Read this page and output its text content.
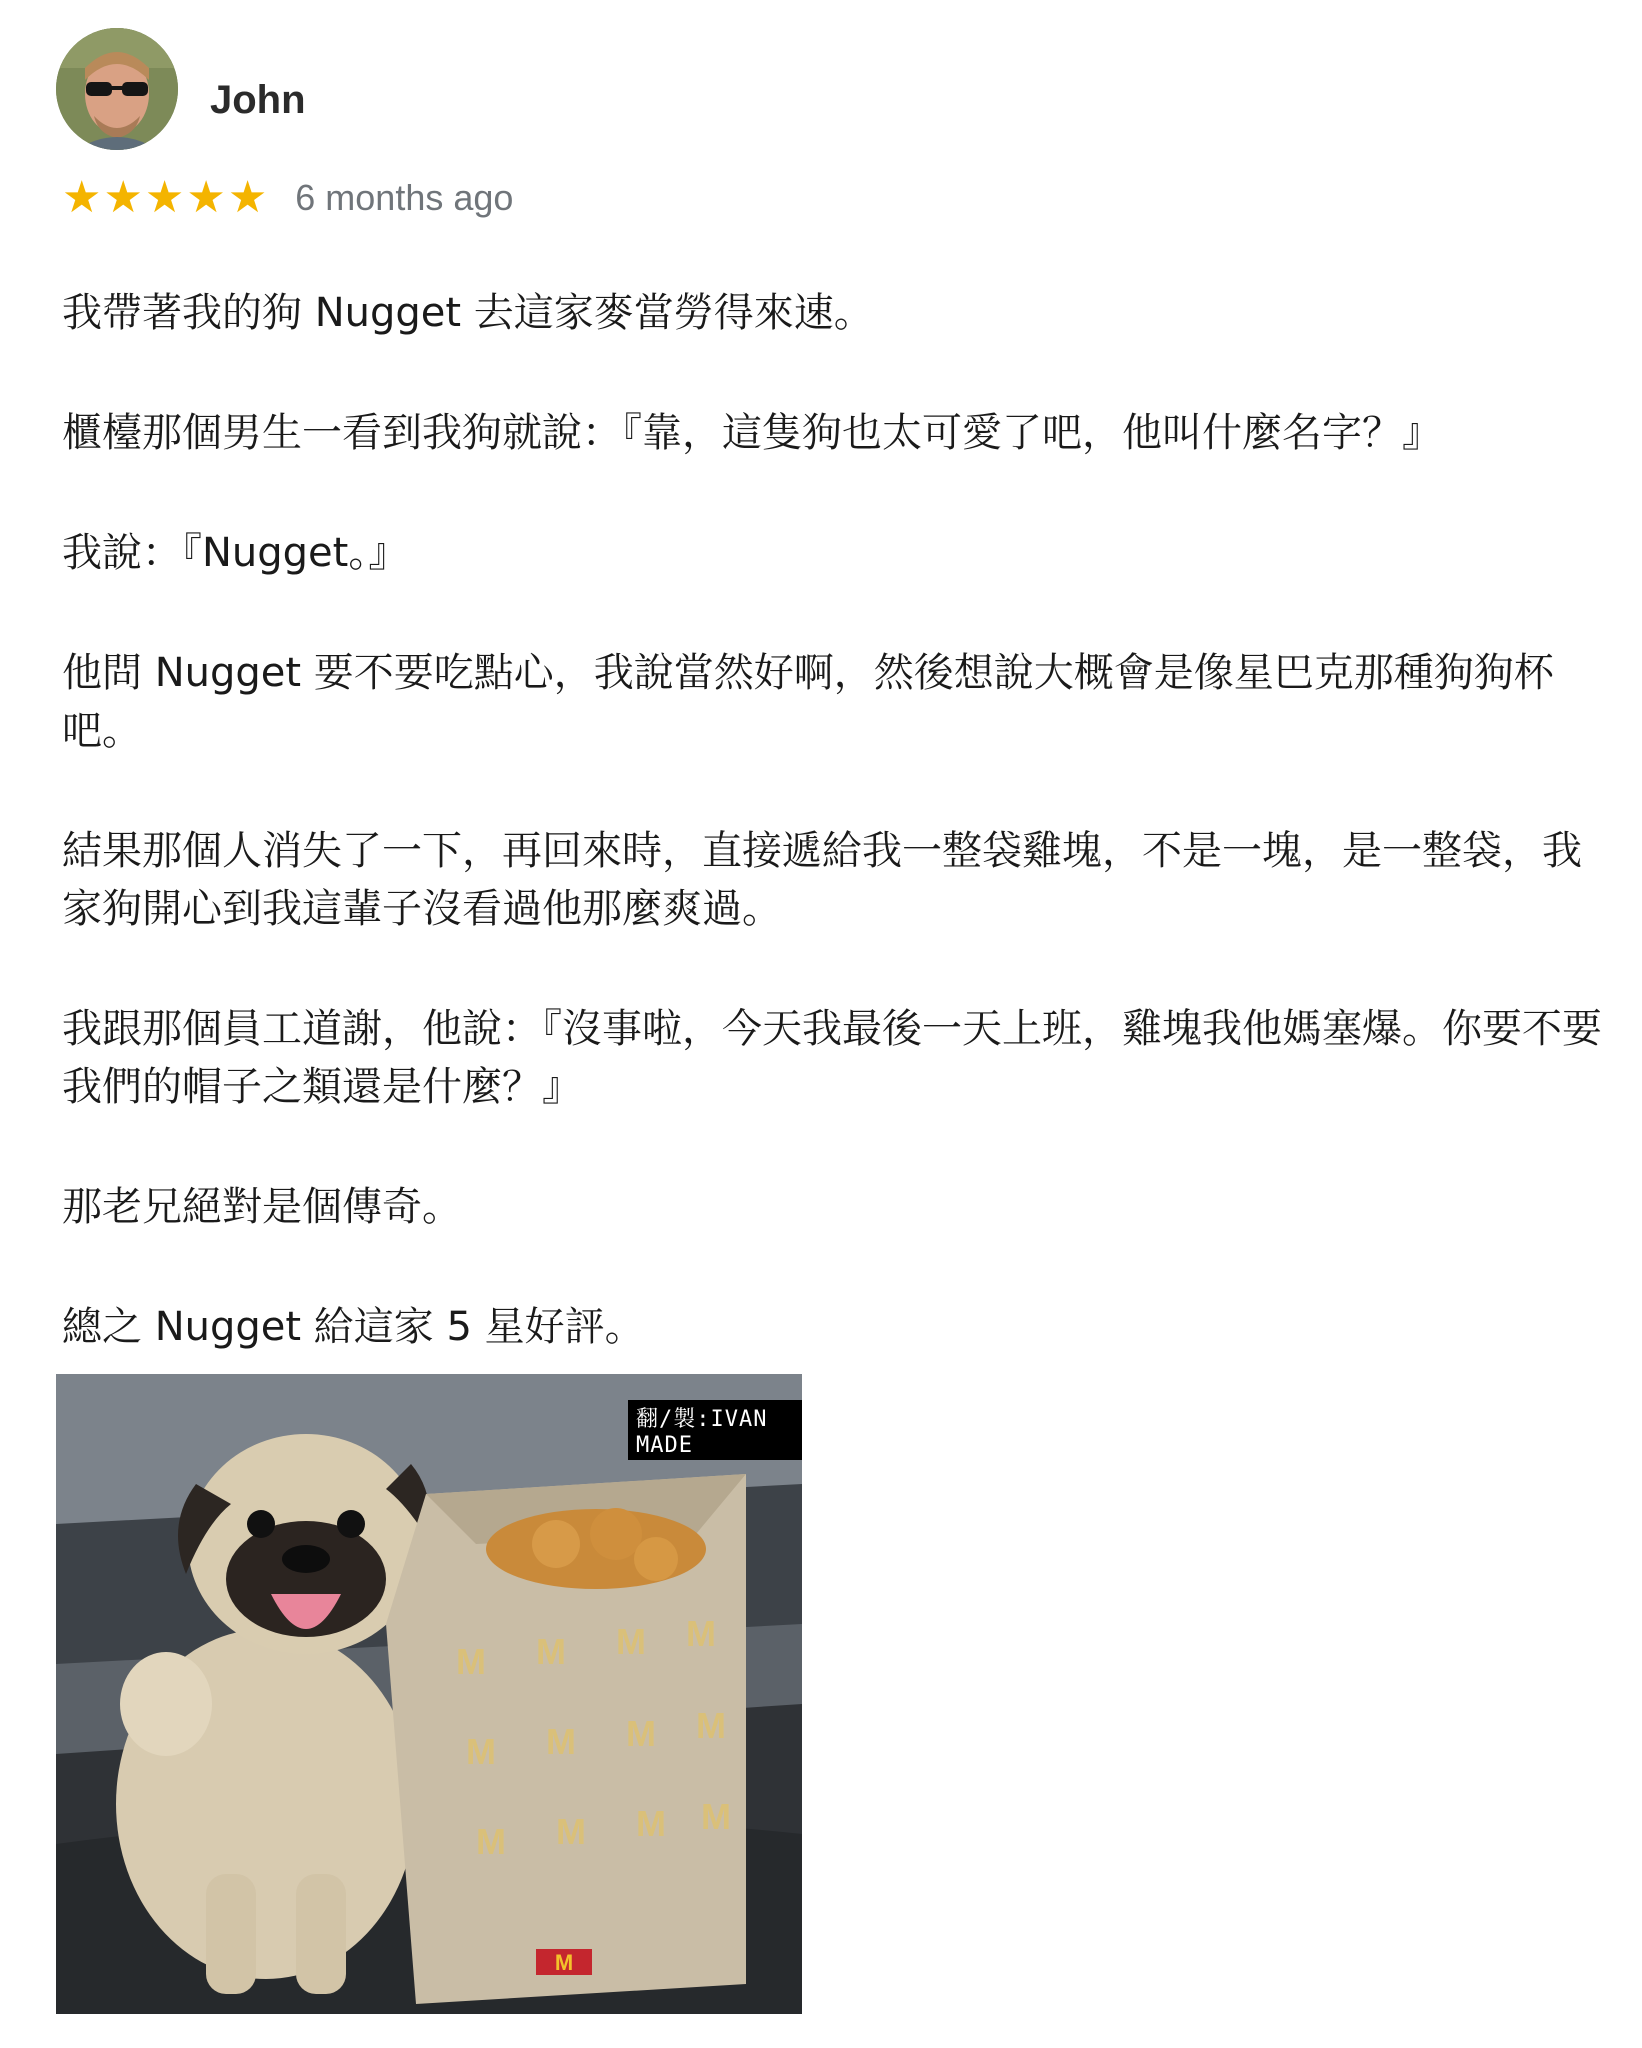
John
★ ★ ★ ★ ★ 6 months ago

我帶著我的狗 Nugget 去這家麥當勞得來速。

櫃檯那個男生一看到我狗就說：『靠，這隻狗也太可愛了吧，他叫什麼名字？』

我說：『Nugget。』

他問 Nugget 要不要吃點心，我說當然好啊，然後想說大概會是像星巴克那種狗狗杯吧。

結果那個人消失了一下，再回來時，直接遞給我一整袋雞塊，不是一塊，是一整袋，我家狗開心到我這輩子沒看過他那麼爽過。

我跟那個員工道謝，他說：『沒事啦，今天我最後一天上班，雞塊我他媽塞爆。你要不要我們的帽子之類還是什麼？』

那老兄絕對是個傳奇。

總之 Nugget 給這家 5 星好評。

M M M M
M M M M
M M M M
M
翻/製:IVAN MADE
